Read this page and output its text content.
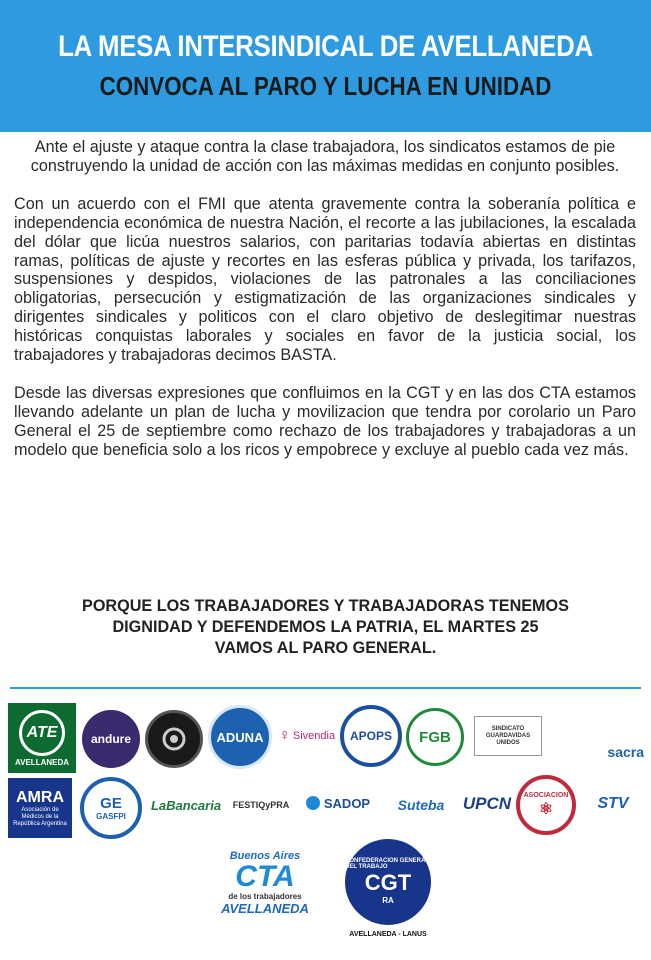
LA MESA INTERSINDICAL DE AVELLANEDA
CONVOCA AL PARO Y LUCHA EN UNIDAD

Ante el ajuste y ataque contra la clase trabajadora, los sindicatos estamos de pie construyendo la unidad de acción con las máximas medidas en conjunto posibles.

Con un acuerdo con el FMI que atenta gravemente contra la soberanía política e independencia económica de nuestra Nación, el recorte a las jubilaciones, la escalada del dólar que licúa nuestros salarios, con paritarias todavía abiertas en distintas ramas, políticas de ajuste y recortes en las esferas pública y privada, los tarifazos, suspensiones y despidos, violaciones de las patronales a las conciliaciones obligatorias, persecución y estigmatización de las organizaciones sindicales y dirigentes sindicales y politicos con el claro objetivo de deslegitimar nuestras históricas conquistas laborales y sociales en favor de la justicia social, los trabajadores y trabajadoras decimos BASTA.

Desde las diversas expresiones que confluimos en la CGT y en las dos CTA estamos llevando adelante un plan de lucha y movilizacion que tendra por corolario un Paro General el 25 de septiembre como rechazo de los trabajadores y trabajadoras a un modelo que beneficia solo a los ricos y empobrece y excluye al pueblo cada vez más.

PORQUE LOS TRABAJADORES Y TRABAJADORAS TENEMOS
DIGNIDAD Y DEFENDEMOS LA PATRIA, EL MARTES 25
VAMOS AL PARO GENERAL.
ATE
AVELLANEDA
andure	ADUNA ♀ Sivendia APOPS FGB	SINDICATO GUARDAVIDAS UNIDOS
sacra
AMRA
Asociación de Médicos de la República Argentina
GE
GASFPI
LaBancaria FESTIQyPRA	SADOP Suteba UPCN ASOCIACION
⚛	STV
Buenos Aires
CTA
de los trabajadores
AVELLANEDA
CONFEDERACION GENERAL DEL TRABAJO
CGT
RA
AVELLANEDA - LANUS
